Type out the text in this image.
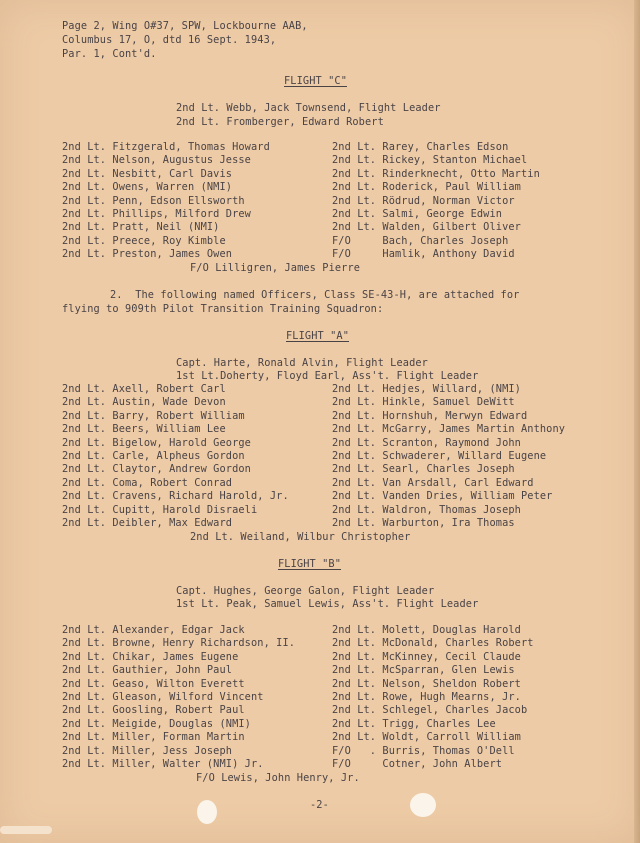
Page 2, Wing O#37, SPW, Lockbourne AAB,
Columbus 17, O, dtd 16 Sept. 1943,
Par. 1, Cont'd.
FLIGHT "C"
2nd Lt. Webb, Jack Townsend, Flight Leader
2nd Lt. Fromberger, Edward Robert
2nd Lt. Fitzgerald, Thomas Howard
2nd Lt. Nelson, Augustus Jesse
2nd Lt. Nesbitt, Carl Davis
2nd Lt. Owens, Warren (NMI)
2nd Lt. Penn, Edson Ellsworth
2nd Lt. Phillips, Milford Drew
2nd Lt. Pratt, Neil (NMI)
2nd Lt. Preece, Roy Kimble
2nd Lt. Preston, James Owen
2nd Lt. Rarey, Charles Edson
2nd Lt. Rickey, Stanton Michael
2nd Lt. Rinderknecht, Otto Martin
2nd Lt. Roderick, Paul William
2nd Lt. Rödrud, Norman Victor
2nd Lt. Salmi, George Edwin
2nd Lt. Walden, Gilbert Oliver
F/O     Bach, Charles Joseph
F/O     Hamlik, Anthony David
F/O Lilligren, James Pierre
2.  The following named Officers, Class SE-43-H, are attached for
flying to 909th Pilot Transition Training Squadron:
FLIGHT "A"
Capt. Harte, Ronald Alvin, Flight Leader
1st Lt.Doherty, Floyd Earl, Ass't. Flight Leader
2nd Lt. Axell, Robert Carl
2nd Lt. Austin, Wade Devon
2nd Lt. Barry, Robert William
2nd Lt. Beers, William Lee
2nd Lt. Bigelow, Harold George
2nd Lt. Carle, Alpheus Gordon
2nd Lt. Claytor, Andrew Gordon
2nd Lt. Coma, Robert Conrad
2nd Lt. Cravens, Richard Harold, Jr.
2nd Lt. Cupitt, Harold Disraeli
2nd Lt. Deibler, Max Edward
2nd Lt. Hedjes, Willard, (NMI)
2nd Lt. Hinkle, Samuel DeWitt
2nd Lt. Hornshuh, Merwyn Edward
2nd Lt. McGarry, James Martin Anthony
2nd Lt. Scranton, Raymond John
2nd Lt. Schwaderer, Willard Eugene
2nd Lt. Searl, Charles Joseph
2nd Lt. Van Arsdall, Carl Edward
2nd Lt. Vanden Dries, William Peter
2nd Lt. Waldron, Thomas Joseph
2nd Lt. Warburton, Ira Thomas
2nd Lt. Weiland, Wilbur Christopher
FLIGHT "B"
Capt. Hughes, George Galon, Flight Leader
1st Lt. Peak, Samuel Lewis, Ass't. Flight Leader
2nd Lt. Alexander, Edgar Jack
2nd Lt. Browne, Henry Richardson, II.
2nd Lt. Chikar, James Eugene
2nd Lt. Gauthier, John Paul
2nd Lt. Geaso, Wilton Everett
2nd Lt. Gleason, Wilford Vincent
2nd Lt. Goosling, Robert Paul
2nd Lt. Meigide, Douglas (NMI)
2nd Lt. Miller, Forman Martin
2nd Lt. Miller, Jess Joseph
2nd Lt. Miller, Walter (NMI) Jr.
2nd Lt. Molett, Douglas Harold
2nd Lt. McDonald, Charles Robert
2nd Lt. McKinney, Cecil Claude
2nd Lt. McSparran, Glen Lewis
2nd Lt. Nelson, Sheldon Robert
2nd Lt. Rowe, Hugh Mearns, Jr.
2nd Lt. Schlegel, Charles Jacob
2nd Lt. Trigg, Charles Lee
2nd Lt. Woldt, Carroll William
F/O   . Burris, Thomas O'Dell
F/O     Cotner, John Albert
F/O Lewis, John Henry, Jr.
-2-
